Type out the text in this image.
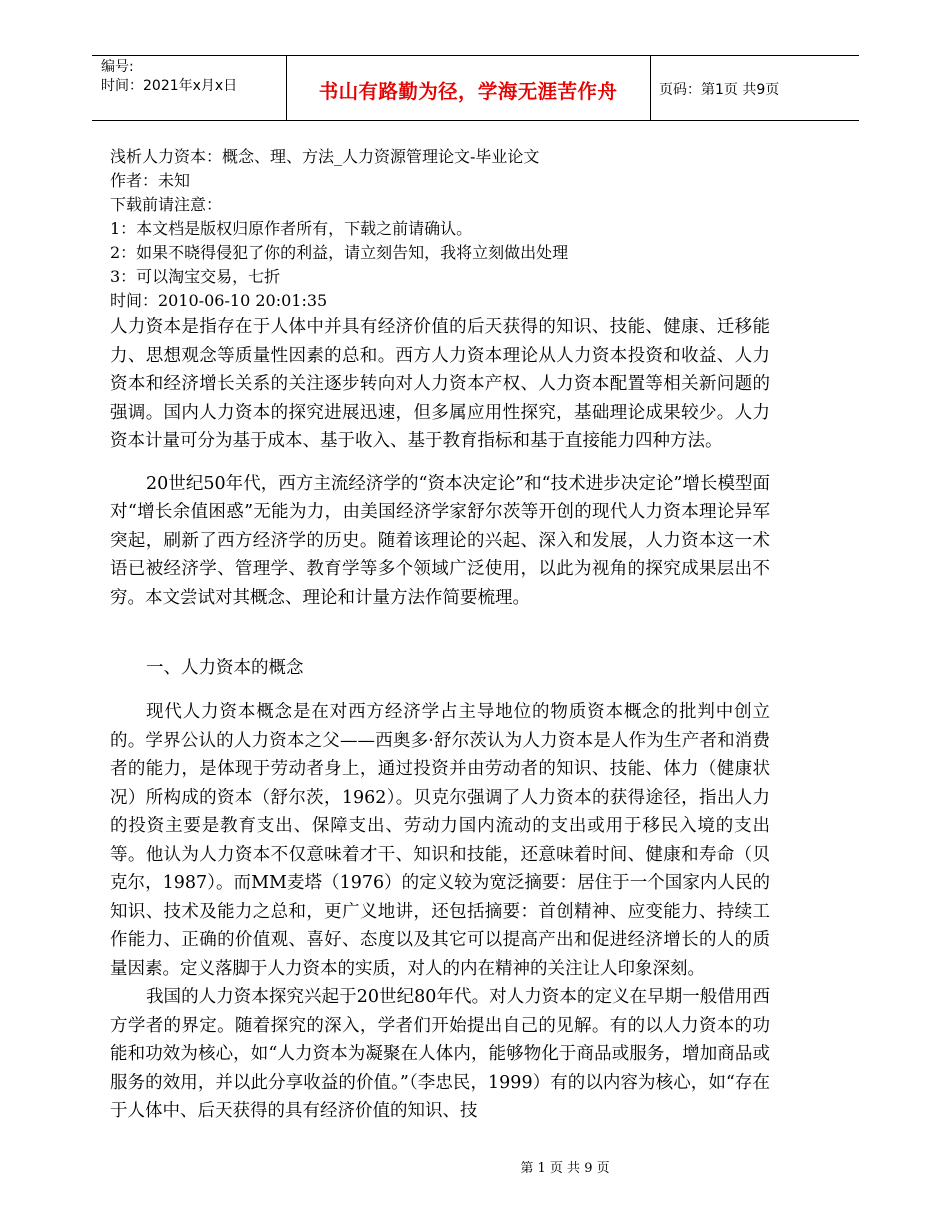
编号:
时间：2021年x月x日	书山有路勤为径，学海无涯苦作舟	页码：第1页 共9页
浅析人力资本：概念、理、方法_人力资源管理论文-毕业论文
作者：未知
下载前请注意：
1：本文档是版权归原作者所有，下载之前请确认。
2：如果不晓得侵犯了你的利益，请立刻告知，我将立刻做出处理
3：可以淘宝交易，七折
时间：2010-06-10 20:01:35

人力资本是指存在于人体中并具有经济价值的后天获得的知识、技能、健康、迁移能力、思想观念等质量性因素的总和。西方人力资本理论从人力资本投资和收益、人力资本和经济增长关系的关注逐步转向对人力资本产权、人力资本配置等相关新问题的强调。国内人力资本的探究进展迅速，但多属应用性探究，基础理论成果较少。人力资本计量可分为基于成本、基于收入、基于教育指标和基于直接能力四种方法。

20世纪50年代，西方主流经济学的“资本决定论”和“技术进步决定论”增长模型面对“增长余值困惑”无能为力，由美国经济学家舒尔茨等开创的现代人力资本理论异军突起，刷新了西方经济学的历史。随着该理论的兴起、深入和发展，人力资本这一术语已被经济学、管理学、教育学等多个领域广泛使用，以此为视角的探究成果层出不穷。本文尝试对其概念、理论和计量方法作简要梳理。

一、人力资本的概念

现代人力资本概念是在对西方经济学占主导地位的物质资本概念的批判中创立的。学界公认的人力资本之父——西奥多·舒尔茨认为人力资本是人作为生产者和消费者的能力，是体现于劳动者身上，通过投资并由劳动者的知识、技能、体力（健康状况）所构成的资本（舒尔茨，1962）。贝克尔强调了人力资本的获得途径，指出人力的投资主要是教育支出、保障支出、劳动力国内流动的支出或用于移民入境的支出等。他认为人力资本不仅意味着才干、知识和技能，还意味着时间、健康和寿命（贝克尔，1987）。而MM麦塔（1976）的定义较为宽泛摘要：居住于一个国家内人民的知识、技术及能力之总和，更广义地讲，还包括摘要：首创精神、应变能力、持续工作能力、正确的价值观、喜好、态度以及其它可以提高产出和促进经济增长的人的质量因素。定义落脚于人力资本的实质，对人的内在精神的关注让人印象深刻。

我国的人力资本探究兴起于20世纪80年代。对人力资本的定义在早期一般借用西方学者的界定。随着探究的深入，学者们开始提出自己的见解。有的以人力资本的功能和功效为核心，如“人力资本为凝聚在人体内，能够物化于商品或服务，增加商品或服务的效用，并以此分享收益的价值。”（李忠民，1999）有的以内容为核心，如“存在于人体中、后天获得的具有经济价值的知识、技

第 1 页 共 9 页
